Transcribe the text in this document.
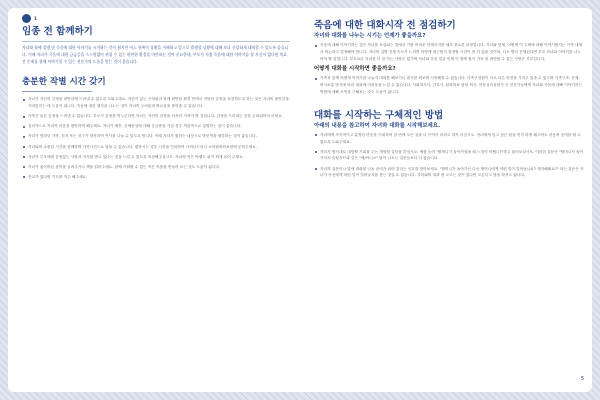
1
임종 전 함께하기

자녀와 함께 질병 및 죽음에 대한 이야기를 시작하는 것이 쉽지만 어느 한쪽이 상황을 이해하고 앞으로 발생할 상황에 대해 보다 건강하게 대처할 수 있도록 돕습니다. 이때 자녀가 죽음에 대한 궁금증을 스스럼없이 꺼낼 수 있는 편안한 환경을 마련하는 것이 중요한데, 부모가 직접 죽음에 대한 이야기를 할 자신이 없다면 의료진 문제를 함께 이야기할 수 있는 전문가의 도움을 받는 것이 좋습니다.

충분한 작별 시간 갖기
자녀가 자신의 감정을 편안하게 드러낼 수 있도록 도와주세요. 자신이 있는 구성원과 함께 편안한 환경 안에서 적당한 감정을 표현하도록 하는 것은 자녀의 불안감을 가라앉히는 데 도움이 됩니다. 죽음에 대한 생각을 나누는 것이 자녀의 두려움과 외로움을 줄여줄 수 있습니다.
가족은 슬픈 감정을 드러낼 수 있습니다. 부모가 감정을 억누른다면 자녀는 자신의 감정을 더욱더 지켜야 할 것입니다. 감정을 드러내는 것을 두려워하지 마세요.
심리적으로 자녀의 마음을 편안하게 해주세요. 자녀가 예후, 신체증상에 대해 궁금증을 가질 경우 객관적으로 설명하는 것이 좋습니다.
자녀가 쌓하던 가족, 친척 또는 친구가 방문하여 인사를 나눌 수 있도록 합니다. 이때 자녀가 원하는 대상으로 방문객을 제한하는 것이 좋습니다.
자녀와의 소중한 시간을 함께하며 가족사진으로 담을 수 있습니다. 원하시는 경우 사진을 인화하여 가져다드리니 소아완화의료팀에 문의주세요.
자녀가 부모에게 감정없는 사랑과 지지를 받고 있다는 것을 느낄 수 있도록 표현해주십시오. 자녀의 작은 바램도 쉬이 외게 들어 주세요.
자녀가 좋아하던 음악을 들려주거나 책을 읽어주세요. 함께 가꿔할 수 있는 작은 작품을 만들어 보는 것도 도움이 됩니다.
종교가 있다면 기도를 자주 해주세요.
죽음에 대한 대화시작 전 점검하기
자녀와 대화를 나누는 시기는 언제가 좋을까요?
죽음에 대해 이야기하는 것은 자녀를 보살피는 일에서 가장 어려운 단계이지만 매우 중요한 과정입니다. 자녀와 언제, 어떻게 이 주제에 대해 이야기할지는 가족 내에서 의논하고 결정해야 합니다. 자녀의 질병 진행 속도가 느리면 어떻게 접근할지 결정할 시간이 좀 더 있을 것이며, 다소 빨리 진행된다면 부모 자녀와 이야기를 나누어야 할 것입니다. 부모보다 자녀를 더 잘 아는 사람은 없기에 자녀와 우선 얼굴 인제 이 방게 할지 가장 잘 판단할 수 있는 사람은 부모입니다.
어떻게 대화를 시작하면 좋을까요?
가족과 함께 어떻게 이야기를 나눌지 대화를 해보거나 편지를 써보며 시작해볼 수 있습니다. 가족구성원이 서로 다른 의견을 가지고 있을 수 있으며 가족구조, 문제, 의사소통 방식에 따라 대화에 어려움을 느낄 수 있습니다. 사회복지사, 간호사, 완화의료 담당 의사, 아동심리상담가 등 전문가들에게 자녀와 죽음에 대해 이야기하는 방법에 대해 조언을 구해보는 것도 도움이 됩니다.
대화를 시작하는 구체적인 방법
아래의 내용을 참고하여 자녀와 대화를 시작해보세요.
자녀에게 즉각적이고 분명한 반응을 기대하며 한 번에 모든 것을 다 이야기 하려고 하지 마십시오. 자녀에게 일고 싶은 답을 먼저 하게 해주어도 마음의 준비를 할 수 있도록 도와주세요.
자녀가 방식대로 대답할 기회를 주는 개방형 질문을 하십시오. 예를 들어 "할머니가 돌아가셨을 때 느낌이 어땠니?"하고 물어보십시오. 이러한 질문은 "할머니가 돌아가셔서 슬펐지?"와 같은 "예/아니오" 답이 나오는 질문들보다 더 좋습니다.
자녀의 질문이나 말에 대화를 나눌 준비가 되어 있다는 신호를 찾아보세요. "할머니가 돌아가신 다음 할머니에게 어떤 일이 일어났나요? 생각해봐요?" 라는 질문은 자녀가 자신에게 어떤 일이 일어날지를 묻는 것일 수 있습니다. 자녀와의 대화 중 모르는 것이 있다면 모른다고 답을 하셔도 됩니다.
5
